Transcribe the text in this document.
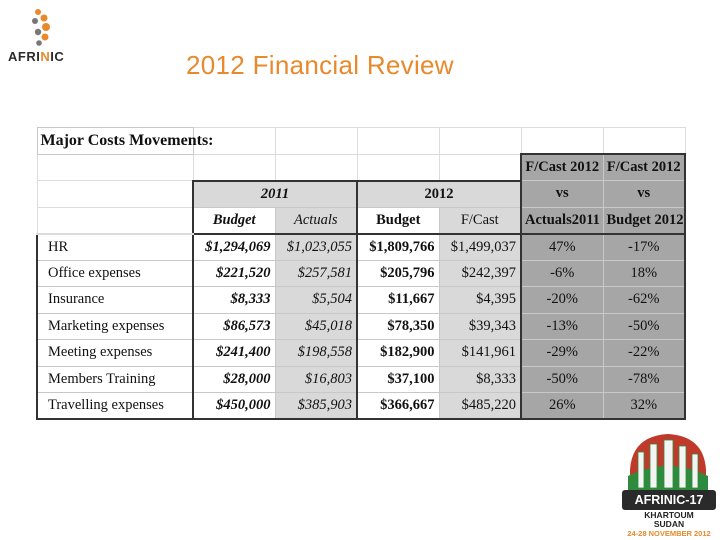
AFRINIC	2012 Financial Review
Major Costs Movements:						
					F/Cast 2012	F/Cast 2012
	2011		2012		vs	vs
	Budget	Actuals	Budget	F/Cast	Actuals2011	Budget 2012
HR	$1,294,069	$1,023,055	$1,809,766	$1,499,037	47%	-17%
Office expenses	$221,520	$257,581	$205,796	$242,397	-6%	18%
Insurance	$8,333	$5,504	$11,667	$4,395	-20%	-62%
Marketing expenses	$86,573	$45,018	$78,350	$39,343	-13%	-50%
Meeting expenses	$241,400	$198,558	$182,900	$141,961	-29%	-22%
Members Training	$28,000	$16,803	$37,100	$8,333	-50%	-78%
Travelling expenses	$450,000	$385,903	$366,667	$485,220	26%	32%
AFRINIC-17
KHARTOUM
SUDAN
24-28 NOVEMBER 2012
